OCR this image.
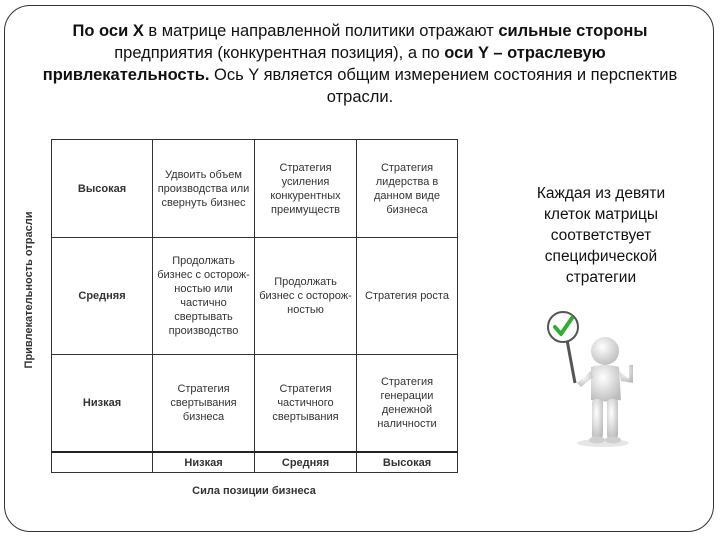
По оси X в матрице направленной политики отражают сильные стороны предприятия (конкурентная позиция), а по оси Y – отраслевую привлекательность. Ось Y является общим измерением состояния и перспектив отрасли.
Привлекательность отрасли
Высокая	Удвоить объем производства или свернуть бизнес	Стратегия усиления конкурентных преимуществ	Стратегия лидерства в данном виде бизнеса
Средняя	Продолжать бизнес с осторож- ностью или частично свертывать производство	Продолжать бизнес с осторож- ностью	Стратегия роста
Низкая	Стратегия свертывания бизнеса	Стратегия частичного свертывания	Стратегия генерации денежной наличности
	Низкая	Средняя	Высокая
Сила позиции бизнеса
Каждая из девяти клеток матрицы соответствует специфической стратегии
